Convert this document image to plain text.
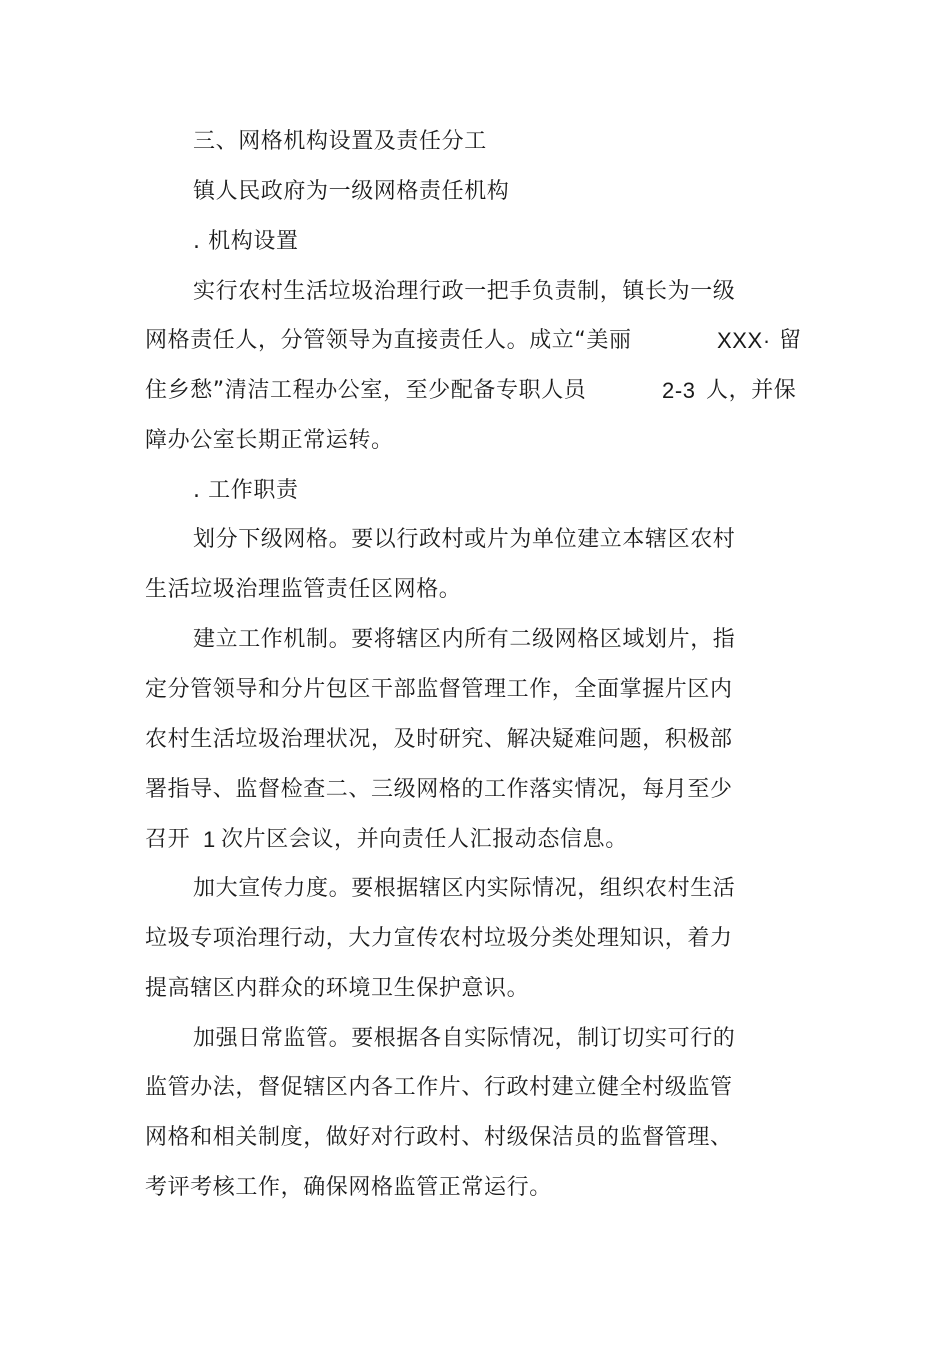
三、网格机构设置及责任分工
镇人民政府为一级网格责任机构
. 机构设置
实行农村生活垃圾治理行政一把手负责制，镇长为一级

网格责任人，分管领导为直接责任人。成立“美丽

	XXX·

留

住乡愁”清洁工程办公室，至少配备专职人员

	2-3

人，并保

障办公室长期正常运转。
. 工作职责
划分下级网格。要以行政村或片为单位建立本辖区农村
生活垃圾治理监管责任区网格。
建立工作机制。要将辖区内所有二级网格区域划片，指
定分管领导和分片包区干部监督管理工作，全面掌握片区内
农村生活垃圾治理状况，及时研究、解决疑难问题，积极部
署指导、监督检查二、三级网格的工作落实情况，每月至少

召开

1

次片区会议，并向责任人汇报动态信息。

加大宣传力度。要根据辖区内实际情况，组织农村生活
垃圾专项治理行动，大力宣传农村垃圾分类处理知识，着力
提高辖区内群众的环境卫生保护意识。
加强日常监管。要根据各自实际情况，制订切实可行的
监管办法，督促辖区内各工作片、行政村建立健全村级监管
网格和相关制度，做好对行政村、村级保洁员的监督管理、
考评考核工作，确保网格监管正常运行。
